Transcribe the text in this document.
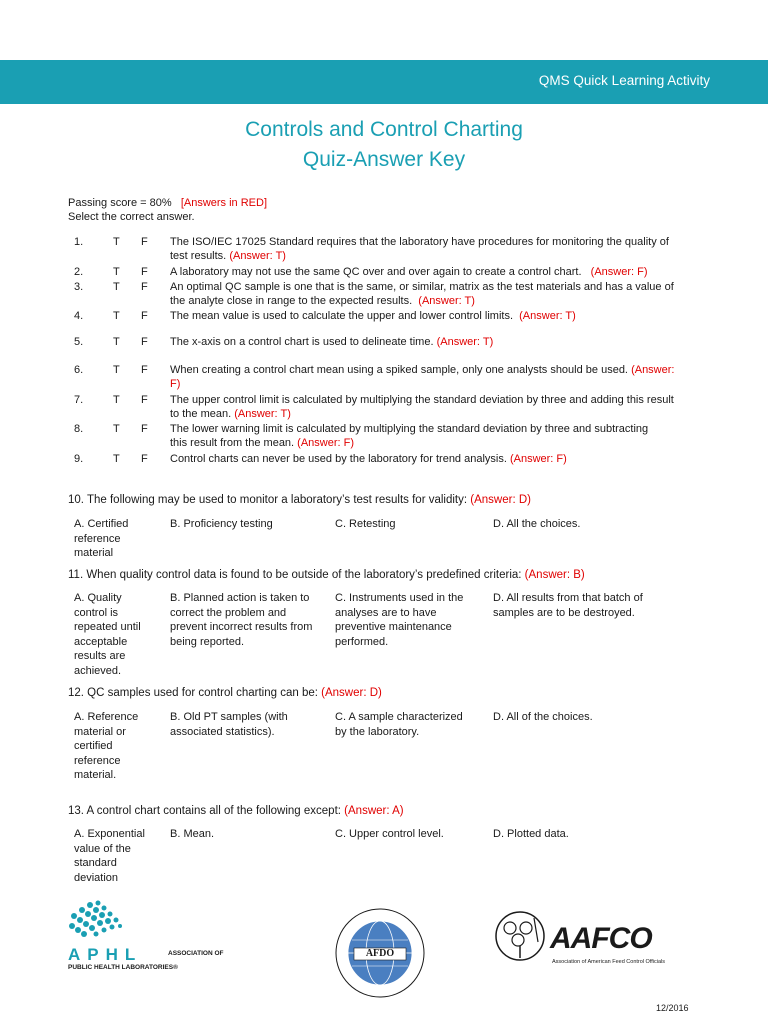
QMS Quick Learning Activity
Controls and Control Charting
Quiz-Answer Key
Passing score = 80% [Answers in RED]
Select the correct answer.
1.	T F The ISO/IEC 17025 Standard requires that the laboratory have procedures for monitoring the quality of test results. (Answer: T)
2.	T F A laboratory may not use the same QC over and over again to create a control chart. (Answer: F)
3.	T F An optimal QC sample is one that is the same, or similar, matrix as the test materials and has a value of the analyte close in range to the expected results. (Answer: T)
4.	T F The mean value is used to calculate the upper and lower control limits. (Answer: T)
5.	T F The x-axis on a control chart is used to delineate time. (Answer: T)
6.	T F When creating a control chart mean using a spiked sample, only one analysts should be used. (Answer: F)
7.	T F The upper control limit is calculated by multiplying the standard deviation by three and adding this result to the mean. (Answer: T)
8.	T F The lower warning limit is calculated by multiplying the standard deviation by three and subtracting this result from the mean. (Answer: F)
9.	T F Control charts can never be used by the laboratory for trend analysis. (Answer: F)
10. The following may be used to monitor a laboratory’s test results for validity: (Answer: D)
A. Certified reference material
B. Proficiency testing	C. Retesting	D. All the choices.
11. When quality control data is found to be outside of the laboratory’s predefined criteria: (Answer: B)
A. Quality control is repeated until acceptable results are achieved.
B. Planned action is taken to correct the problem and prevent incorrect results from being reported.
C. Instruments used in the analyses are to have preventive maintenance performed.
D. All results from that batch of samples are to be destroyed.
12. QC samples used for control charting can be: (Answer: D)
A. Reference material or certified reference material.
B. Old PT samples (with associated statistics).
C. A sample characterized by the laboratory.
D. All of the choices.
13. A control chart contains all of the following except: (Answer: A)
A. Exponential value of the standard deviation
B. Mean.	C. Upper control level.	D. Plotted data.
APHL	ASSOCIATION OF
PUBLIC HEALTH LABORATORIES®
AFDO	AAFCO
Association of American Feed Control Officials
12/2016
